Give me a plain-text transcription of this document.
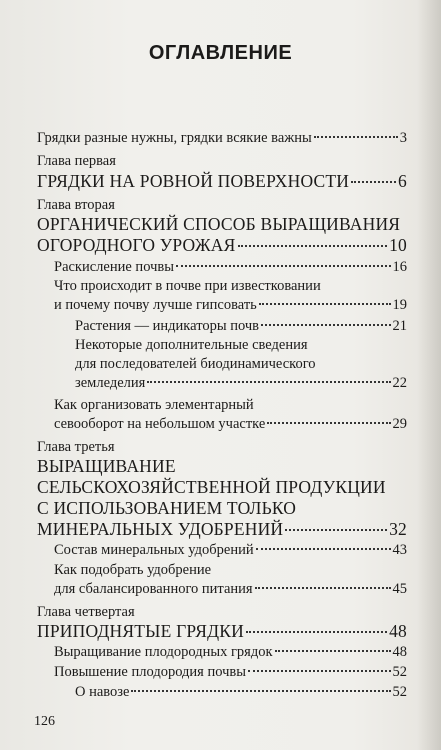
ОГЛАВЛЕНИЕ
Грядки разные нужны, грядки всякие важны	3
Глава первая
ГРЯДКИ НА РОВНОЙ ПОВЕРХНОСТИ	6
Глава вторая
ОРГАНИЧЕСКИЙ СПОСОБ ВЫРАЩИВАНИЯ
ОГОРОДНОГО УРОЖАЯ	10
Раскисление почвы	16
Что происходит в почве при известковании
и почему почву лучше гипсовать	19
Растения — индикаторы почв	21
Некоторые дополнительные сведения
для последователей биодинамического
земледелия	22
Как организовать элементарный
севооборот на небольшом участке	29
Глава третья
ВЫРАЩИВАНИЕ
СЕЛЬСКОХОЗЯЙСТВЕННОЙ ПРОДУКЦИИ
С ИСПОЛЬЗОВАНИЕМ ТОЛЬКО
МИНЕРАЛЬНЫХ УДОБРЕНИЙ	32
Состав минеральных удобрений	43
Как подобрать удобрение
для сбалансированного питания	45
Глава четвертая
ПРИПОДНЯТЫЕ ГРЯДКИ	48
Выращивание плодородных грядок	48
Повышение плодородия почвы	52
О навозе	52
126
